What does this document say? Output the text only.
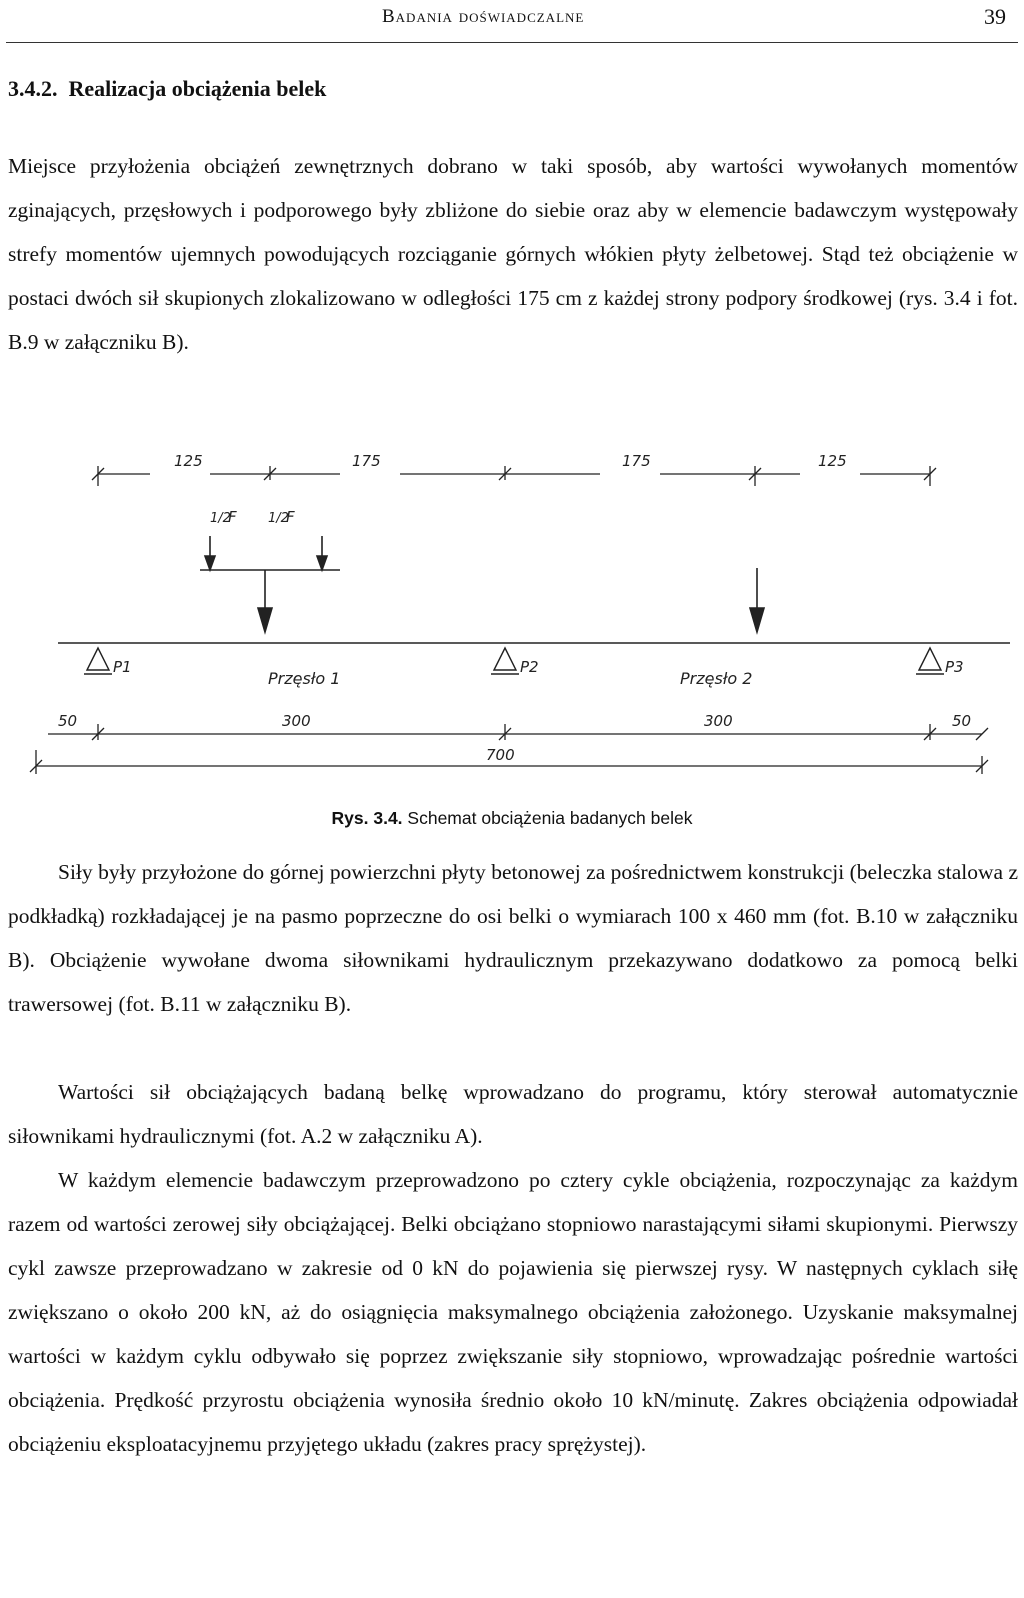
Badania doświadczalne	39
3.4.2. Realizacja obciążenia belek

Miejsce przyłożenia obciążeń zewnętrznych dobrano w taki sposób, aby wartości wywołanych momentów zginających, przęsłowych i podporowego były zbliżone do siebie oraz aby w elemencie badawczym występowały strefy momentów ujemnych powodujących rozciąganie górnych włókien płyty żelbetowej. Stąd też obciążenie w postaci dwóch sił skupionych zlokalizowano w odległości 175 cm z każdej strony podpory środkowej (rys. 3.4 i fot. B.9 w załączniku B).

125	175	175	125
1/2
F 1/2
F
P1	P2	P3
Przęsło 1	Przęsło 2
50	300	300	50
700
Rys. 3.4. Schemat obciążenia badanych belek

Siły były przyłożone do górnej powierzchni płyty betonowej za pośrednictwem konstrukcji (beleczka stalowa z podkładką) rozkładającej je na pasmo poprzeczne do osi belki o wymiarach 100 x 460 mm (fot. B.10 w załączniku B). Obciążenie wywołane dwoma siłownikami hydraulicznym przekazywano dodatkowo za pomocą belki trawersowej (fot. B.11 w załączniku B).

Wartości sił obciążających badaną belkę wprowadzano do programu, który sterował automatycznie siłownikami hydraulicznymi (fot. A.2 w załączniku A).

W każdym elemencie badawczym przeprowadzono po cztery cykle obciążenia, rozpoczynając za każdym razem od wartości zerowej siły obciążającej. Belki obciążano stopniowo narastającymi siłami skupionymi. Pierwszy cykl zawsze przeprowadzano w zakresie od 0 kN do pojawienia się pierwszej rysy. W następnych cyklach siłę zwiększano o około 200 kN, aż do osiągnięcia maksymalnego obciążenia założonego. Uzyskanie maksymalnej wartości w każdym cyklu odbywało się poprzez zwiększanie siły stopniowo, wprowadzając pośrednie wartości obciążenia. Prędkość przyrostu obciążenia wynosiła średnio około 10 kN/minutę. Zakres obciążenia odpowiadał obciążeniu eksploatacyjnemu przyjętego układu (zakres pracy sprężystej).
